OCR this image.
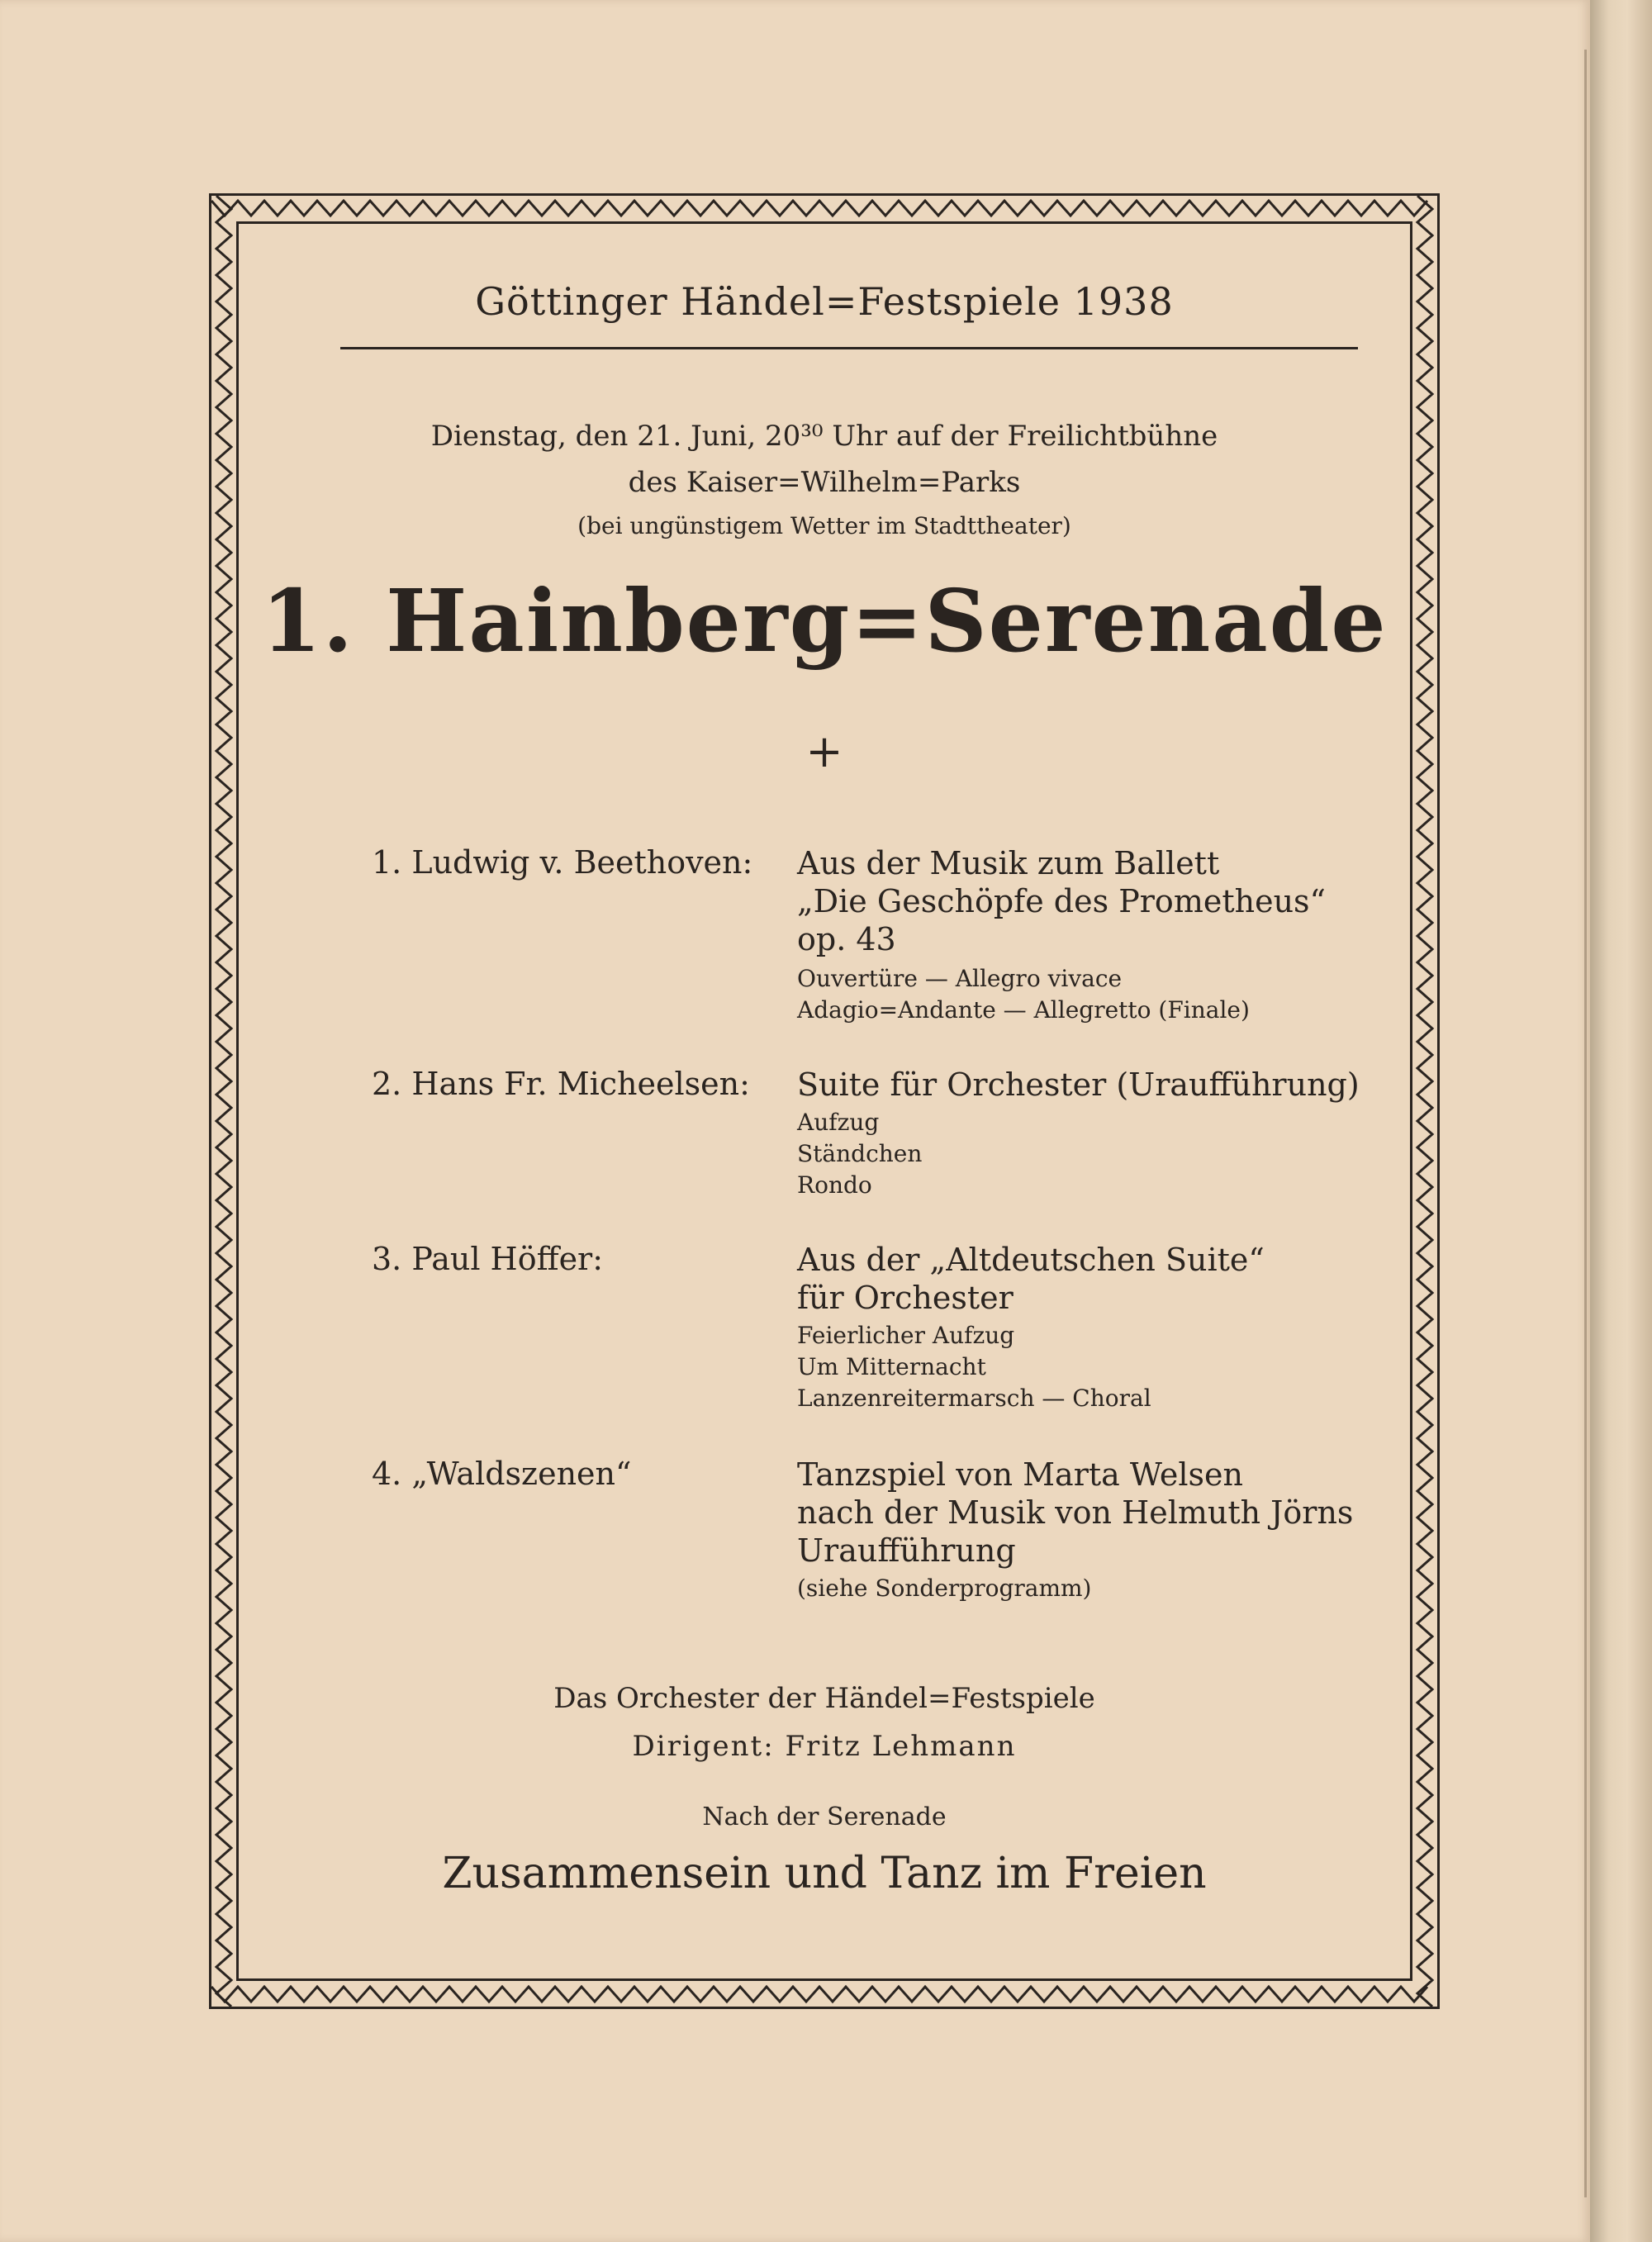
Göttinger Händel=Festspiele 1938
Dienstag, den 21. Juni, 20³⁰ Uhr auf der Freilichtbühne
des Kaiser=Wilhelm=Parks
(bei ungünstigem Wetter im Stadttheater)
1. Hainberg=Serenade
+
1. Ludwig v. Beethoven: Aus der Musik zum Ballett
„Die Geschöpfe des Prometheus“
op. 43
Ouvertüre — Allegro vivace
Adagio=Andante — Allegretto (Finale)
2. Hans Fr. Micheelsen: Suite für Orchester (Uraufführung)
Aufzug
Ständchen
Rondo
3. Paul Höffer:	Aus der „Altdeutschen Suite“
für Orchester
Feierlicher Aufzug
Um Mitternacht
Lanzenreitermarsch — Choral
4. „Waldszenen“	Tanzspiel von Marta Welsen
nach der Musik von Helmuth Jörns
Uraufführung
(siehe Sonderprogramm)
Das Orchester der Händel=Festspiele
Dirigent: Fritz Lehmann
Nach der Serenade
Zusammensein und Tanz im Freien
